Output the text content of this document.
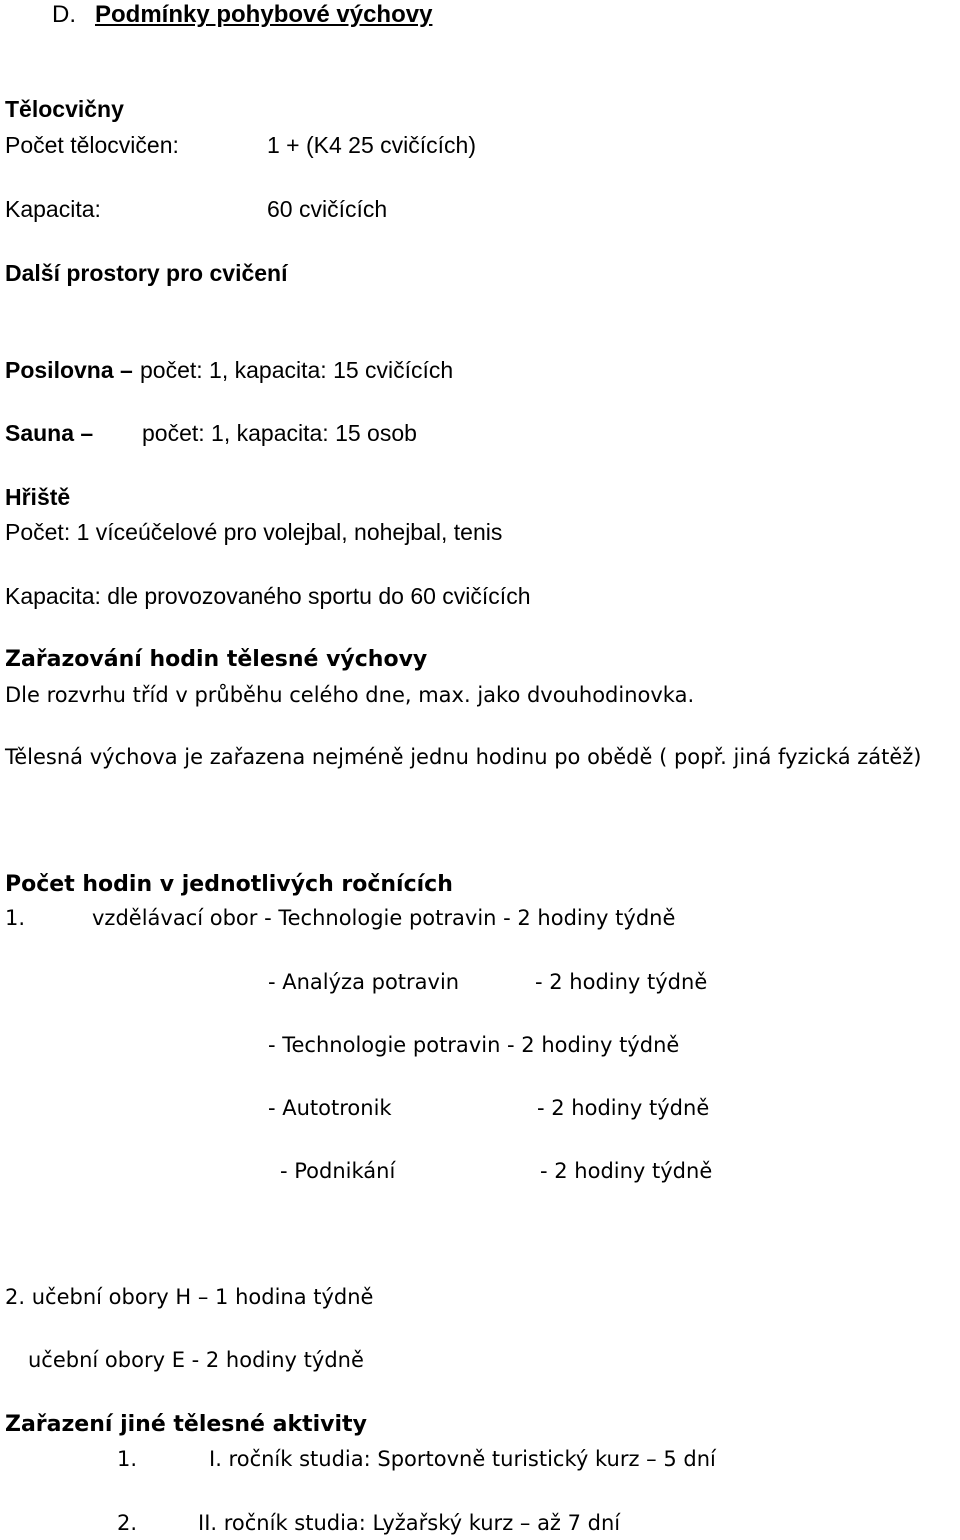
D. Podmínky pohybové výchovy
Tělocvičny
Počet tělocvičen:	1 + (K4 25 cvičících)
Kapacita:	60 cvičících
Další prostory pro cvičení
Posilovna – počet: 1, kapacita: 15 cvičících
Sauna – počet: 1, kapacita: 15 osob
Hřiště
Počet: 1 víceúčelové pro volejbal, nohejbal, tenis
Kapacita: dle provozovaného sportu do 60 cvičících
Zařazování hodin tělesné výchovy
Dle rozvrhu tříd v průběhu celého dne, max. jako dvouhodinovka.
Tělesná výchova je zařazena nejméně jednu hodinu po obědě ( popř. jiná fyzická zátěž)
Počet hodin v jednotlivých ročnících
1.	vzdělávací obor - Technologie potravin - 2 hodiny týdně
- Analýza potravin	- 2 hodiny týdně
- Technologie potravin - 2 hodiny týdně
- Autotronik	- 2 hodiny týdně
- Podnikání	- 2 hodiny týdně
2. učební obory H – 1 hodina týdně
učební obory E - 2 hodiny týdně
Zařazení jiné tělesné aktivity
1.	I. ročník studia: Sportovně turistický kurz – 5 dní
2.	II. ročník studia: Lyžařský kurz – až 7 dní
